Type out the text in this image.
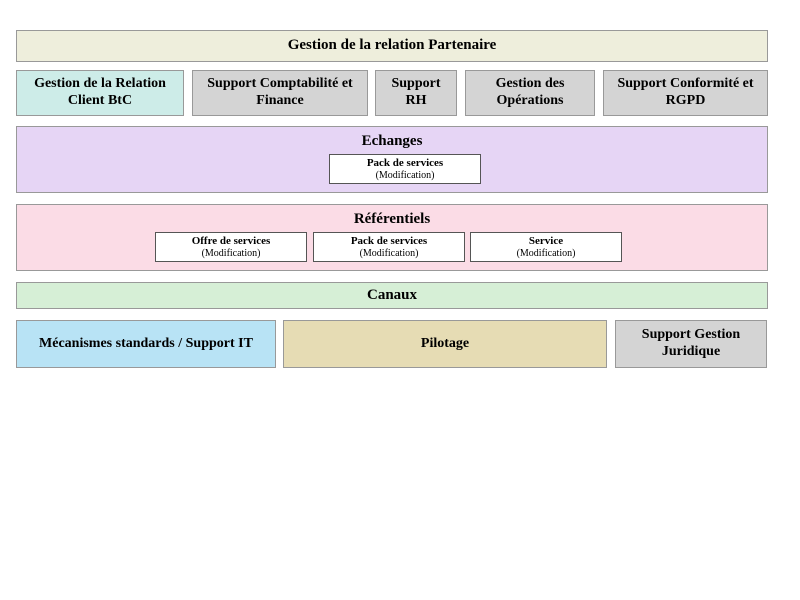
Gestion de la relation Partenaire
Gestion de la Relation Client BtC
Support Comptabilité et Finance
Support RH
Gestion des Opérations
Support Conformité et RGPD
Echanges
Pack de services
(Modification)
Référentiels
Offre de services
(Modification)
Pack de services
(Modification)
Service
(Modification)
Canaux
Mécanismes standards / Support IT	Pilotage
Support Gestion Juridique
